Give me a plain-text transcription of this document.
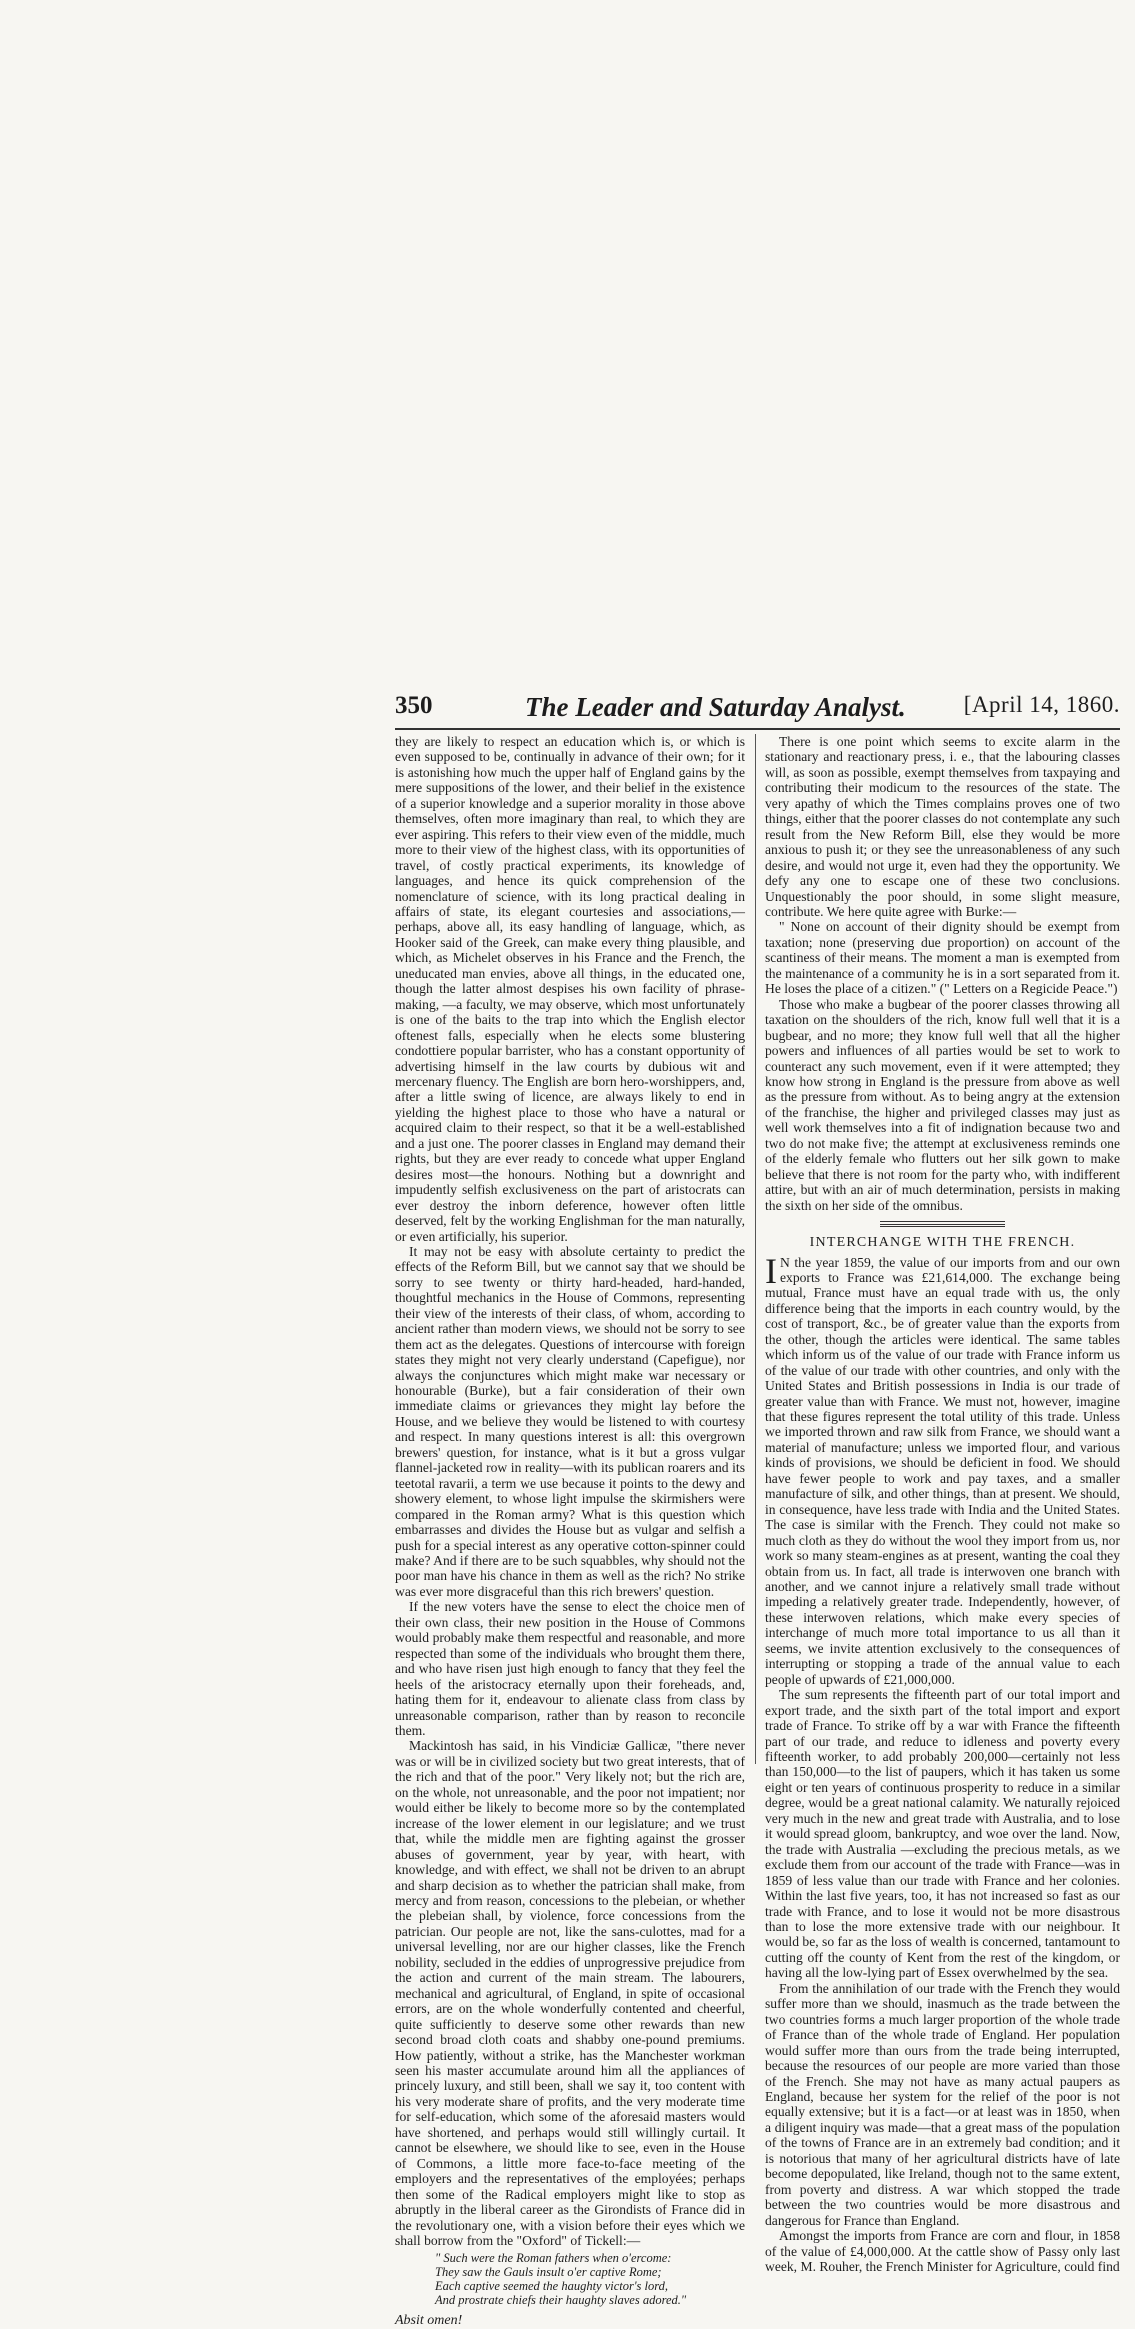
350	The Leader and Saturday Analyst.	[April 14, 1860.

they are likely to respect an education which is, or which is even supposed to be, continually in advance of their own; for it is astonishing how much the upper half of England gains by the mere suppositions of the lower, and their belief in the existence of a superior knowledge and a superior morality in those above themselves, often more imaginary than real, to which they are ever aspiring. This refers to their view even of the middle, much more to their view of the highest class, with its opportunities of travel, of costly practical experiments, its knowledge of languages, and hence its quick comprehension of the nomenclature of science, with its long practical dealing in affairs of state, its elegant courtesies and associations,—perhaps, above all, its easy handling of language, which, as Hooker said of the Greek, can make every thing plausible, and which, as Michelet observes in his France and the French, the uneducated man envies, above all things, in the educated one, though the latter almost despises his own facility of phrase-making, —a faculty, we may observe, which most unfortunately is one of the baits to the trap into which the English elector oftenest falls, especially when he elects some blustering condottiere popular barrister, who has a constant opportunity of advertising himself in the law courts by dubious wit and mercenary fluency. The English are born hero-worshippers, and, after a little swing of licence, are always likely to end in yielding the highest place to those who have a natural or acquired claim to their respect, so that it be a well-established and a just one. The poorer classes in England may demand their rights, but they are ever ready to concede what upper England desires most—the honours. Nothing but a downright and impudently selfish exclusiveness on the part of aristocrats can ever destroy the inborn deference, however often little deserved, felt by the working Englishman for the man naturally, or even artificially, his superior.

It may not be easy with absolute certainty to predict the effects of the Reform Bill, but we cannot say that we should be sorry to see twenty or thirty hard-headed, hard-handed, thoughtful mechanics in the House of Commons, representing their view of the interests of their class, of whom, according to ancient rather than modern views, we should not be sorry to see them act as the delegates. Questions of intercourse with foreign states they might not very clearly understand (Capefigue), nor always the conjunctures which might make war necessary or honourable (Burke), but a fair consideration of their own immediate claims or grievances they might lay before the House, and we believe they would be listened to with courtesy and respect. In many questions interest is all: this overgrown brewers' question, for instance, what is it but a gross vulgar flannel-jacketed row in reality—with its publican roarers and its teetotal ravarii, a term we use because it points to the dewy and showery element, to whose light impulse the skirmishers were compared in the Roman army? What is this question which embarrasses and divides the House but as vulgar and selfish a push for a special interest as any operative cotton-spinner could make? And if there are to be such squabbles, why should not the poor man have his chance in them as well as the rich? No strike was ever more disgraceful than this rich brewers' question.

If the new voters have the sense to elect the choice men of their own class, their new position in the House of Commons would probably make them respectful and reasonable, and more respected than some of the individuals who brought them there, and who have risen just high enough to fancy that they feel the heels of the aristocracy eternally upon their foreheads, and, hating them for it, endeavour to alienate class from class by unreasonable comparison, rather than by reason to reconcile them.

Mackintosh has said, in his Vindiciæ Gallicæ, "there never was or will be in civilized society but two great interests, that of the rich and that of the poor." Very likely not; but the rich are, on the whole, not unreasonable, and the poor not impatient; nor would either be likely to become more so by the contemplated increase of the lower element in our legislature; and we trust that, while the middle men are fighting against the grosser abuses of government, year by year, with heart, with knowledge, and with effect, we shall not be driven to an abrupt and sharp decision as to whether the patrician shall make, from mercy and from reason, concessions to the plebeian, or whether the plebeian shall, by violence, force concessions from the patrician. Our people are not, like the sans-culottes, mad for a universal levelling, nor are our higher classes, like the French nobility, secluded in the eddies of unprogressive prejudice from the action and current of the main stream. The labourers, mechanical and agricultural, of England, in spite of occasional errors, are on the whole wonderfully contented and cheerful, quite sufficiently to deserve some other rewards than new second broad cloth coats and shabby one-pound premiums. How patiently, without a strike, has the Manchester workman seen his master accumulate around him all the appliances of princely luxury, and still been, shall we say it, too content with his very moderate share of profits, and the very moderate time for self-education, which some of the aforesaid masters would have shortened, and perhaps would still willingly curtail. It cannot be elsewhere, we should like to see, even in the House of Commons, a little more face-to-face meeting of the employers and the representatives of the employées; perhaps then some of the Radical employers might like to stop as abruptly in the liberal career as the Girondists of France did in the revolutionary one, with a vision before their eyes which we shall borrow from the "Oxford" of Tickell:—

" Such were the Roman fathers when o'ercome:
They saw the Gauls insult o'er captive Rome;
Each captive seemed the haughty victor's lord,
And prostrate chiefs their haughty slaves adored."
Absit omen!

There is one point which seems to excite alarm in the stationary and reactionary press, i. e., that the labouring classes will, as soon as possible, exempt themselves from taxpaying and contributing their modicum to the resources of the state. The very apathy of which the Times complains proves one of two things, either that the poorer classes do not contemplate any such result from the New Reform Bill, else they would be more anxious to push it; or they see the unreasonableness of any such desire, and would not urge it, even had they the opportunity. We defy any one to escape one of these two conclusions. Unquestionably the poor should, in some slight measure, contribute. We here quite agree with Burke:—

" None on account of their dignity should be exempt from taxation; none (preserving due proportion) on account of the scantiness of their means. The moment a man is exempted from the maintenance of a community he is in a sort separated from it. He loses the place of a citizen." (" Letters on a Regicide Peace.")

Those who make a bugbear of the poorer classes throwing all taxation on the shoulders of the rich, know full well that it is a bugbear, and no more; they know full well that all the higher powers and influences of all parties would be set to work to counteract any such movement, even if it were attempted; they know how strong in England is the pressure from above as well as the pressure from without. As to being angry at the extension of the franchise, the higher and privileged classes may just as well work themselves into a fit of indignation because two and two do not make five; the attempt at exclusiveness reminds one of the elderly female who flutters out her silk gown to make believe that there is not room for the party who, with indifferent attire, but with an air of much determination, persists in making the sixth on her side of the omnibus.

INTERCHANGE WITH THE FRENCH.

I N the year 1859, the value of our imports from and our own exports to France was £21,614,000. The exchange being mutual, France must have an equal trade with us, the only difference being that the imports in each country would, by the cost of transport, &c., be of greater value than the exports from the other, though the articles were identical. The same tables which inform us of the value of our trade with France inform us of the value of our trade with other countries, and only with the United States and British possessions in India is our trade of greater value than with France. We must not, however, imagine that these figures represent the total utility of this trade. Unless we imported thrown and raw silk from France, we should want a material of manufacture; unless we imported flour, and various kinds of provisions, we should be deficient in food. We should have fewer people to work and pay taxes, and a smaller manufacture of silk, and other things, than at present. We should, in consequence, have less trade with India and the United States. The case is similar with the French. They could not make so much cloth as they do without the wool they import from us, nor work so many steam-engines as at present, wanting the coal they obtain from us. In fact, all trade is interwoven one branch with another, and we cannot injure a relatively small trade without impeding a relatively greater trade. Independently, however, of these interwoven relations, which make every species of interchange of much more total importance to us all than it seems, we invite attention exclusively to the consequences of interrupting or stopping a trade of the annual value to each people of upwards of £21,000,000.

The sum represents the fifteenth part of our total import and export trade, and the sixth part of the total import and export trade of France. To strike off by a war with France the fifteenth part of our trade, and reduce to idleness and poverty every fifteenth worker, to add probably 200,000—certainly not less than 150,000—to the list of paupers, which it has taken us some eight or ten years of continuous prosperity to reduce in a similar degree, would be a great national calamity. We naturally rejoiced very much in the new and great trade with Australia, and to lose it would spread gloom, bankruptcy, and woe over the land. Now, the trade with Australia —excluding the precious metals, as we exclude them from our account of the trade with France—was in 1859 of less value than our trade with France and her colonies. Within the last five years, too, it has not increased so fast as our trade with France, and to lose it would not be more disastrous than to lose the more extensive trade with our neighbour. It would be, so far as the loss of wealth is concerned, tantamount to cutting off the county of Kent from the rest of the kingdom, or having all the low-lying part of Essex overwhelmed by the sea.

From the annihilation of our trade with the French they would suffer more than we should, inasmuch as the trade between the two countries forms a much larger proportion of the whole trade of France than of the whole trade of England. Her population would suffer more than ours from the trade being interrupted, because the resources of our people are more varied than those of the French. She may not have as many actual paupers as England, because her system for the relief of the poor is not equally extensive; but it is a fact—or at least was in 1850, when a diligent inquiry was made—that a great mass of the population of the towns of France are in an extremely bad condition; and it is notorious that many of her agricultural districts have of late become depopulated, like Ireland, though not to the same extent, from poverty and distress. A war which stopped the trade between the two countries would be more disastrous and dangerous for France than England.

Amongst the imports from France are corn and flour, in 1858 of the value of £4,000,000. At the cattle show of Passy only last week, M. Rouher, the French Minister for Agriculture, could find
